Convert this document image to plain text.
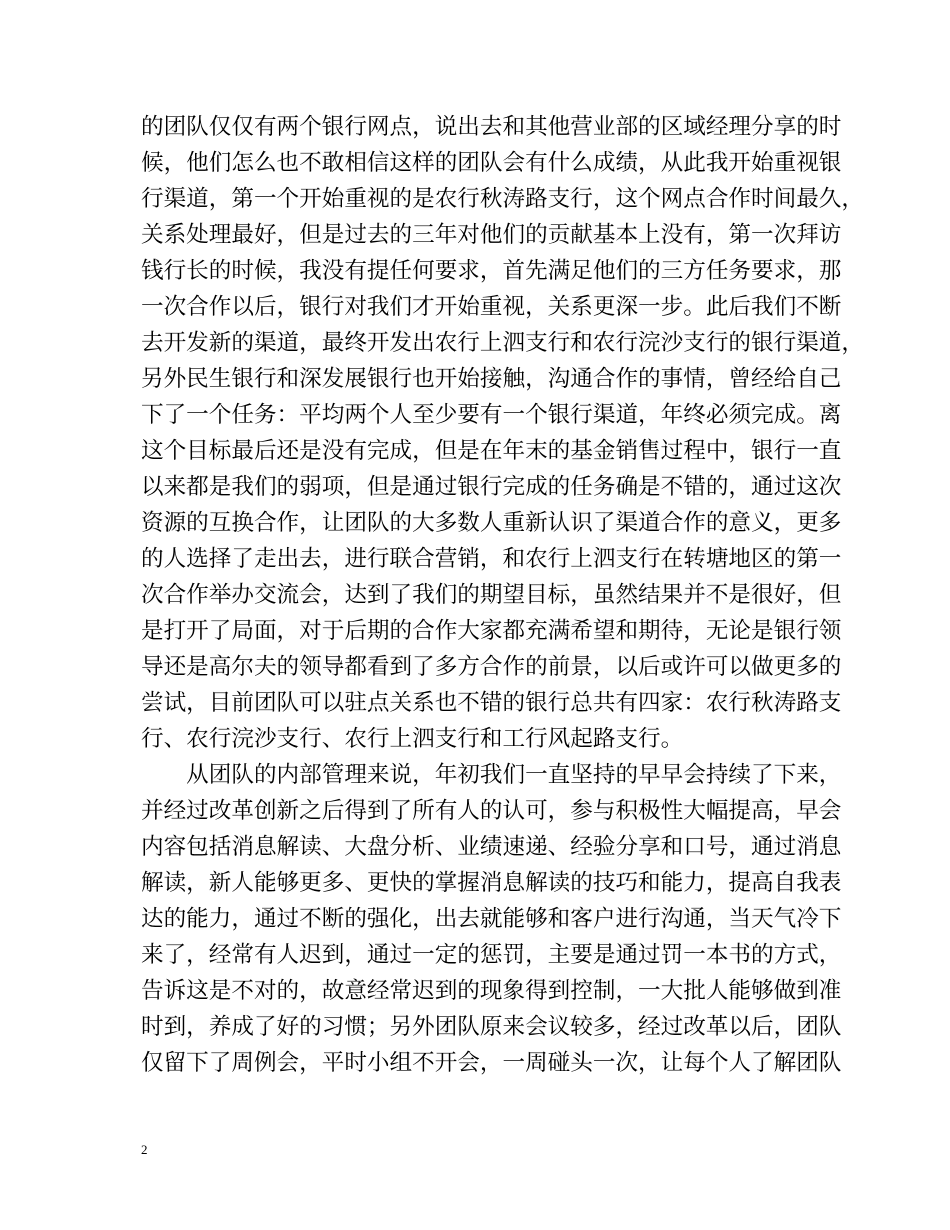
的团队仅仅有两个银行网点，说出去和其他营业部的区域经理分享的时
候，他们怎么也不敢相信这样的团队会有什么成绩，从此我开始重视银
行渠道，第一个开始重视的是农行秋涛路支行，这个网点合作时间最久，
关系处理最好，但是过去的三年对他们的贡献基本上没有，第一次拜访
钱行长的时候，我没有提任何要求，首先满足他们的三方任务要求，那
一次合作以后，银行对我们才开始重视，关系更深一步。此后我们不断
去开发新的渠道，最终开发出农行上泗支行和农行浣沙支行的银行渠道，
另外民生银行和深发展银行也开始接触，沟通合作的事情，曾经给自己
下了一个任务：平均两个人至少要有一个银行渠道，年终必须完成。离
这个目标最后还是没有完成，但是在年末的基金销售过程中，银行一直
以来都是我们的弱项，但是通过银行完成的任务确是不错的，通过这次
资源的互换合作，让团队的大多数人重新认识了渠道合作的意义，更多
的人选择了走出去，进行联合营销，和农行上泗支行在转塘地区的第一
次合作举办交流会，达到了我们的期望目标，虽然结果并不是很好，但
是打开了局面，对于后期的合作大家都充满希望和期待，无论是银行领
导还是高尔夫的领导都看到了多方合作的前景，以后或许可以做更多的
尝试，目前团队可以驻点关系也不错的银行总共有四家：农行秋涛路支
行、农行浣沙支行、农行上泗支行和工行风起路支行。
　　从团队的内部管理来说，年初我们一直坚持的早早会持续了下来，
并经过改革创新之后得到了所有人的认可，参与积极性大幅提高，早会
内容包括消息解读、大盘分析、业绩速递、经验分享和口号，通过消息
解读，新人能够更多、更快的掌握消息解读的技巧和能力，提高自我表
达的能力，通过不断的强化，出去就能够和客户进行沟通，当天气冷下
来了，经常有人迟到，通过一定的惩罚，主要是通过罚一本书的方式，
告诉这是不对的，故意经常迟到的现象得到控制，一大批人能够做到准
时到，养成了好的习惯；另外团队原来会议较多，经过改革以后，团队
仅留下了周例会，平时小组不开会，一周碰头一次，让每个人了解团队
2
